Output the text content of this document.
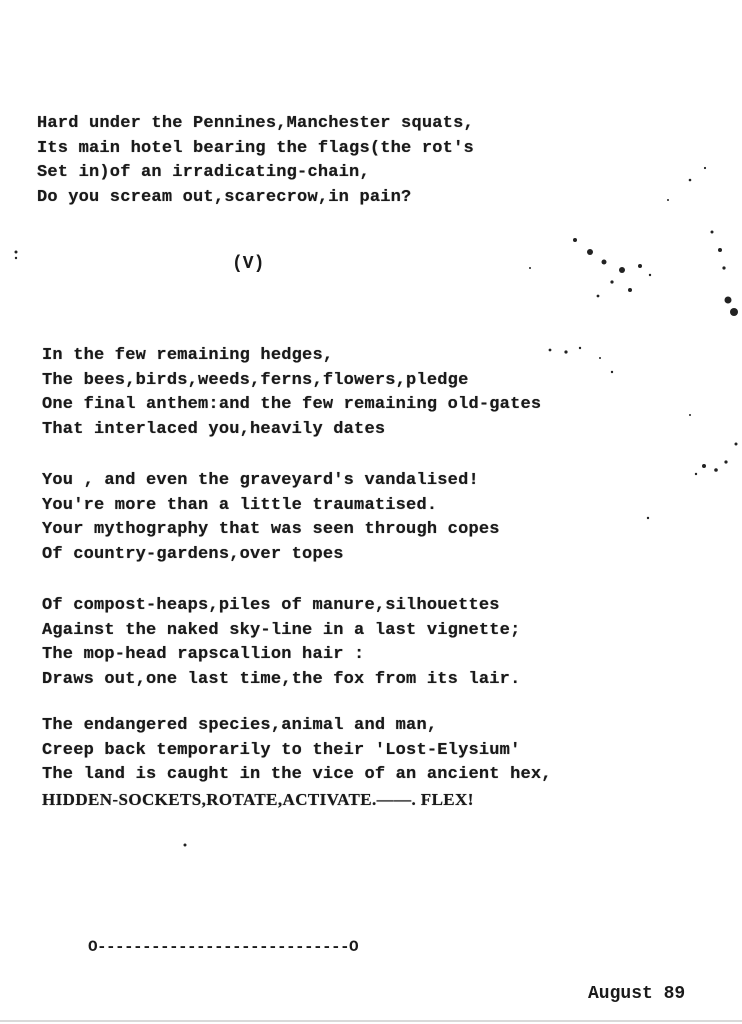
Hard under the Pennines,Manchester squats,
Its main hotel bearing the flags(the rot's
Set in)of an irradicating-chain,
Do you scream out,scarecrow,in pain?
(V)
In the few remaining hedges,
The bees,birds,weeds,ferns,flowers,pledge
One final anthem:and the few remaining old-gates
That interlaced you,heavily dates
You , and even the graveyard's vandalised!
You're more than a little traumatised.
Your mythography that was seen through copes
Of country-gardens,over topes
Of compost-heaps,piles of manure,silhouettes
Against the naked sky-line in a last vignette;
The mop-head rapscallion hair :
Draws out,one last time,the fox from its lair.
The endangered species,animal and man,
Creep back temporarily to their 'Lost-Elysium'
The land is caught in the vice of an ancient hex,
HIDDEN-SOCKETS,ROTATE,ACTIVATE.——. FLEX!
O----------------------------O
August 89
